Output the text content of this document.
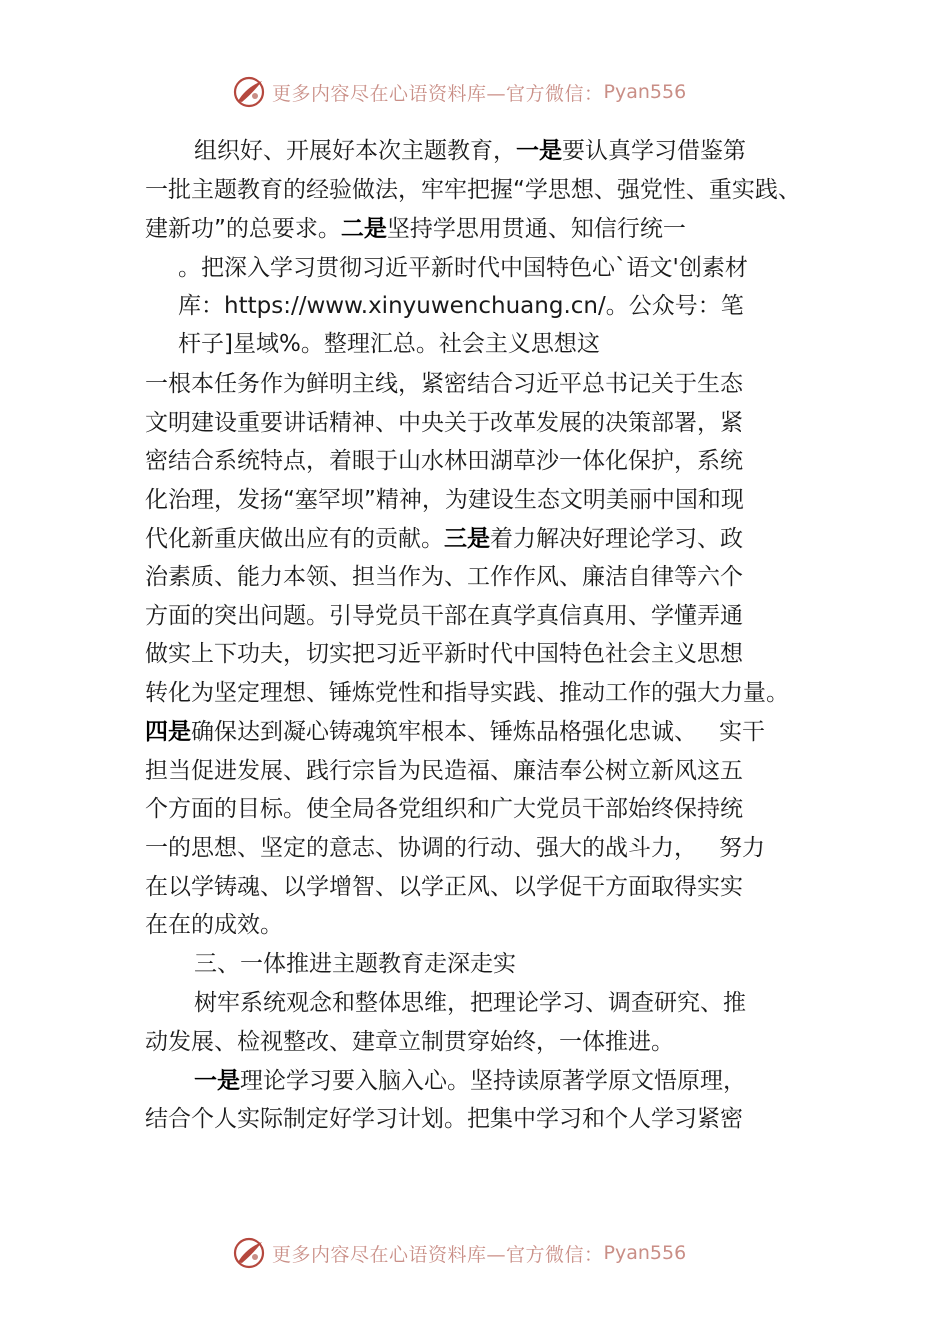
更多内容尽在心语资料库—官方微信： Pyan556
组织好、开展好本次主题教育，一是要认真学习借鉴第
一批主题教育的经验做法，牢牢把握“学思想、强党性、重实践、
建新功”的总要求。二是坚持学思用贯通、知信行统一
。把深入学习贯彻习近平新时代中国特色心`语文'创素材
库：https://www.xinyuwenchuang.cn/。公众号：笔
杆子]星域%。整理汇总。社会主义思想这
一根本任务作为鲜明主线，紧密结合习近平总书记关于生态
文明建设重要讲话精神、中央关于改革发展的决策部署，紧
密结合系统特点，着眼于山水林田湖草沙一体化保护，系统
化治理，发扬“塞罕坝”精神，为建设生态文明美丽中国和现
代化新重庆做出应有的贡献。三是着力解决好理论学习、政
治素质、能力本领、担当作为、工作作风、廉洁自律等六个
方面的突出问题。引导党员干部在真学真信真用、学懂弄通
做实上下功夫，切实把习近平新时代中国特色社会主义思想
转化为坚定理想、锤炼党性和指导实践、推动工作的强大力量。
四是确保达到凝心铸魂筑牢根本、锤炼品格强化忠诚、 实干
担当促进发展、践行宗旨为民造福、廉洁奉公树立新风这五
个方面的目标。使全局各党组织和广大党员干部始终保持统
一的思想、坚定的意志、协调的行动、强大的战斗力， 努力
在以学铸魂、以学增智、以学正风、以学促干方面取得实实
在在的成效。
三、一体推进主题教育走深走实
树牢系统观念和整体思维，把理论学习、调查研究、推
动发展、检视整改、建章立制贯穿始终，一体推进。
一是理论学习要入脑入心。坚持读原著学原文悟原理，
结合个人实际制定好学习计划。把集中学习和个人学习紧密
更多内容尽在心语资料库—官方微信： Pyan556
